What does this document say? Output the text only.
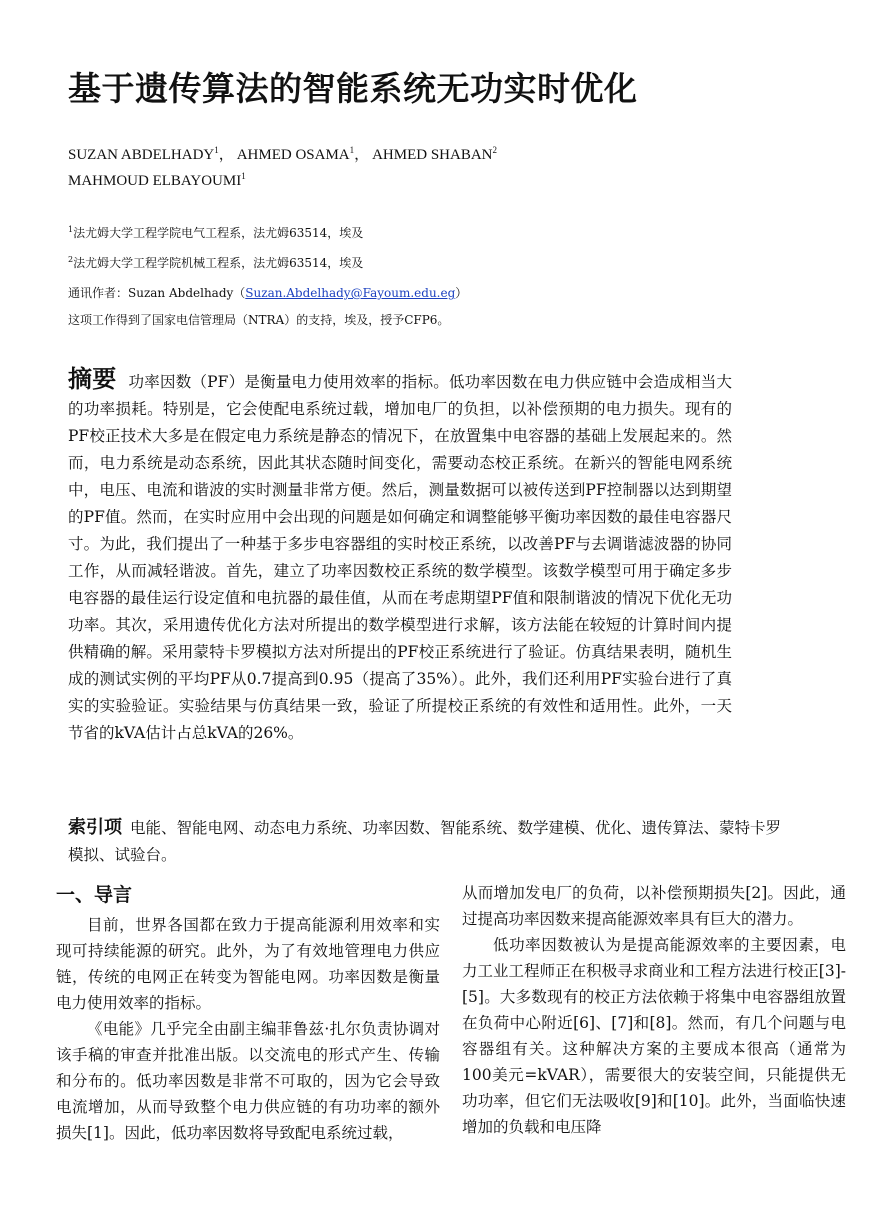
基于遗传算法的智能系统无功实时优化
SUZAN ABDELHADY$^1$， AHMED OSAMA$^1$， AHMED SHABAN$^2$
MAHMOUD ELBAYOUMI$^1$
$^1$法尤姆大学工程学院电气工程系，法尤姆63514，埃及
$^2$法尤姆大学工程学院机械工程系，法尤姆63514，埃及
通讯作者：Suzan Abdelhady（Suzan.Abdelhady@Fayoum.edu.eg）
这项工作得到了国家电信管理局（NTRA）的支持，埃及，授予CFP6。
摘要 功率因数（PF）是衡量电力使用效率的指标。低功率因数在电力供应链中会造成相当大的功率损耗。特别是，它会使配电系统过载，增加电厂的负担，以补偿预期的电力损失。现有的PF校正技术大多是在假定电力系统是静态的情况下，在放置集中电容器的基础上发展起来的。然而，电力系统是动态系统，因此其状态随时间变化，需要动态校正系统。在新兴的智能电网系统中，电压、电流和谐波的实时测量非常方便。然后，测量数据可以被传送到PF控制器以达到期望的PF值。然而，在实时应用中会出现的问题是如何确定和调整能够平衡功率因数的最佳电容器尺寸。为此，我们提出了一种基于多步电容器组的实时校正系统，以改善PF与去调谐滤波器的协同工作，从而减轻谐波。首先，建立了功率因数校正系统的数学模型。该数学模型可用于确定多步电容器的最佳运行设定值和电抗器的最佳值，从而在考虑期望PF值和限制谐波的情况下优化无功功率。其次，采用遗传优化方法对所提出的数学模型进行求解，该方法能在较短的计算时间内提供精确的解。采用蒙特卡罗模拟方法对所提出的PF校正系统进行了验证。仿真结果表明，随机生成的测试实例的平均PF从0.7提高到0.95（提高了35%）。此外，我们还利用PF实验台进行了真实的实验验证。实验结果与仿真结果一致，验证了所提校正系统的有效性和适用性。此外，一天节省的kVA估计占总kVA的26%。
索引项 电能、智能电网、动态电力系统、功率因数、智能系统、数学建模、优化、遗传算法、蒙特卡罗模拟、试验台。
一、导言

目前，世界各国都在致力于提高能源利用效率和实现可持续能源的研究。此外，为了有效地管理电力供应链，传统的电网正在转变为智能电网。功率因数是衡量电力使用效率的指标。

《电能》几乎完全由副主编菲鲁兹·扎尔负责协调对该手稿的审查并批准出版。以交流电的形式产生、传输和分布的。低功率因数是非常不可取的，因为它会导致电流增加，从而导致整个电力供应链的有功功率的额外损失[1]。因此，低功率因数将导致配电系统过载，

从而增加发电厂的负荷，以补偿预期损失[2]。因此，通过提高功率因数来提高能源效率具有巨大的潜力。

低功率因数被认为是提高能源效率的主要因素，电力工业工程师正在积极寻求商业和工程方法进行校正[3]-[5]。大多数现有的校正方法依赖于将集中电容器组放置在负荷中心附近[6]、[7]和[8]。然而，有几个问题与电容器组有关。这种解决方案的主要成本很高（通常为100美元=kVAR），需要很大的安装空间，只能提供无功功率，但它们无法吸收[9]和[10]。此外，当面临快速增加的负载和电压降
